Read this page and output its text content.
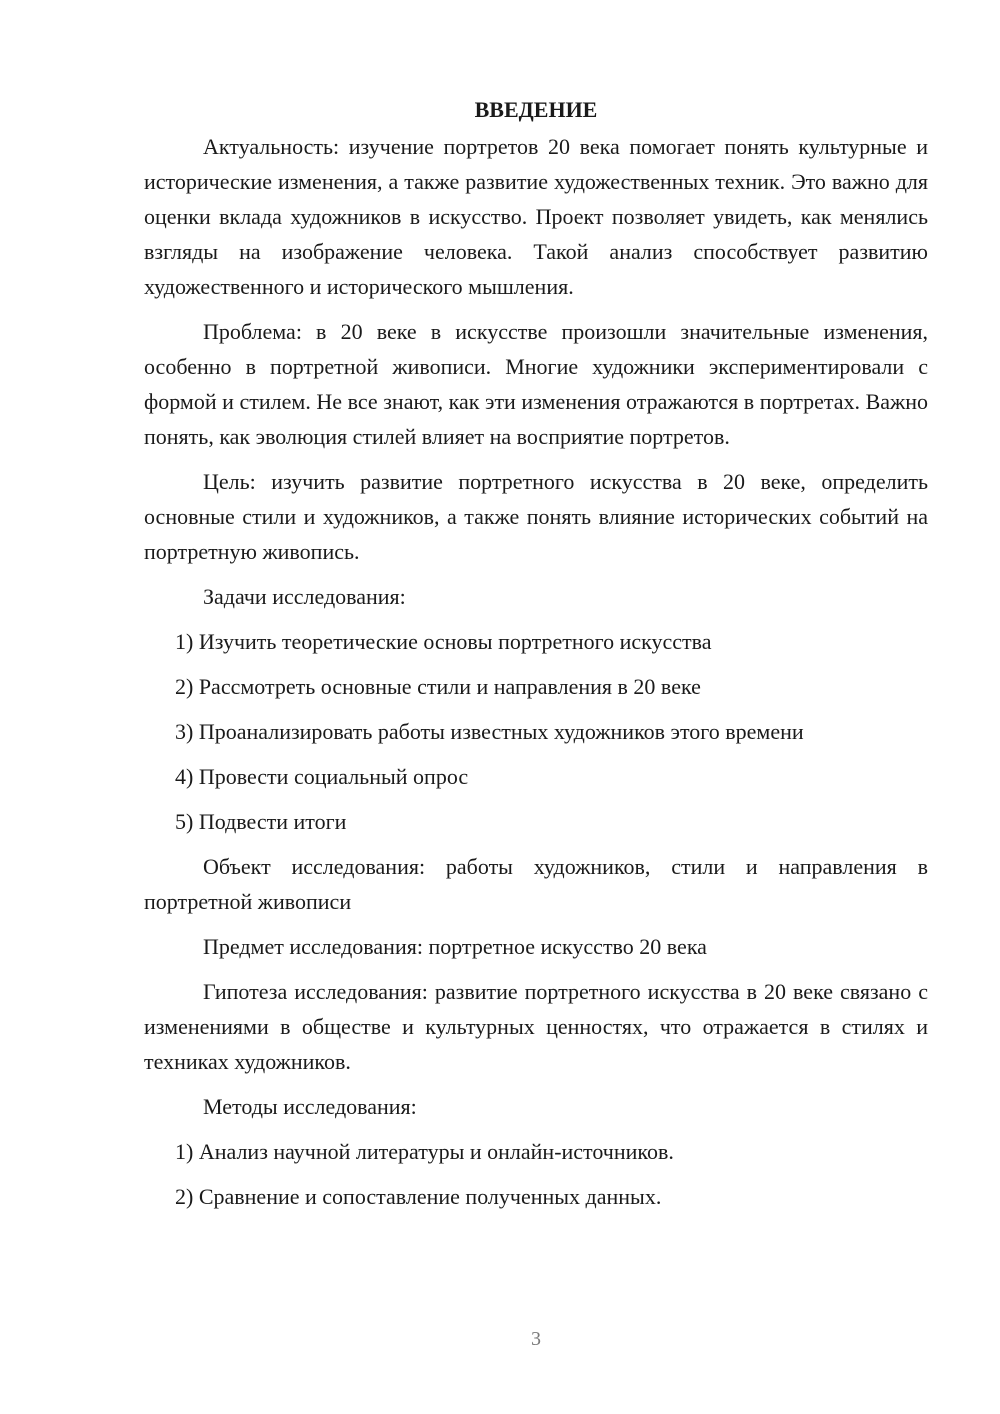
ВВЕДЕНИЕ

Актуальность: изучение портретов 20 века помогает понять культурные и исторические изменения, а также развитие художественных техник. Это важно для оценки вклада художников в искусство. Проект позволяет увидеть, как менялись взгляды на изображение человека. Такой анализ способствует развитию художественного и исторического мышления.

Проблема: в 20 веке в искусстве произошли значительные изменения, особенно в портретной живописи. Многие художники экспериментировали с формой и стилем. Не все знают, как эти изменения отражаются в портретах. Важно понять, как эволюция стилей влияет на восприятие портретов.

Цель: изучить развитие портретного искусства в 20 веке, определить основные стили и художников, а также понять влияние исторических событий на портретную живопись.

Задачи исследования:

1) Изучить теоретические основы портретного искусства
2) Рассмотреть основные стили и направления в 20 веке
3) Проанализировать работы известных художников этого времени
4) Провести социальный опрос
5) Подвести итоги

Объект исследования: работы художников, стили и направления в портретной живописи

Предмет исследования: портретное искусство 20 века

Гипотеза исследования: развитие портретного искусства в 20 веке связано с изменениями в обществе и культурных ценностях, что отражается в стилях и техниках художников.

Методы исследования:

1) Анализ научной литературы и онлайн-источников.
2) Сравнение и сопоставление полученных данных.
3
